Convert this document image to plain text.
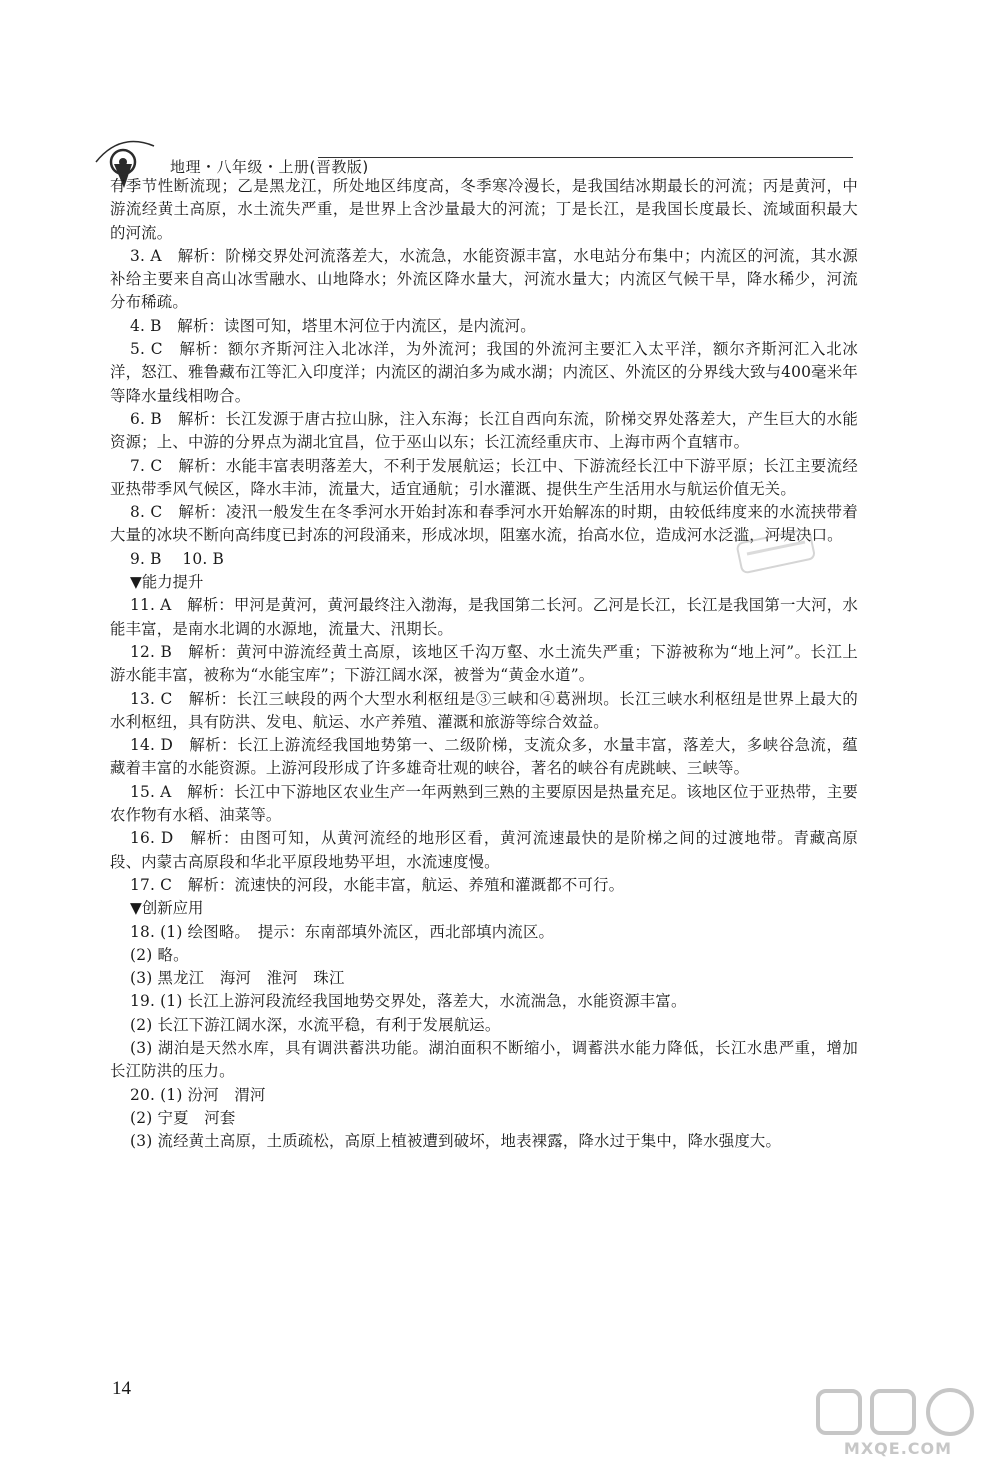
地理・八年级・上册(晋教版)

有季节性断流现；乙是黑龙江，所处地区纬度高，冬季寒冷漫长，是我国结冰期最长的河流；丙是黄河，中游流经黄土高原，水土流失严重，是世界上含沙量最大的河流；丁是长江，是我国长度最长、流域面积最大的河流。

3. A　解析：阶梯交界处河流落差大，水流急，水能资源丰富，水电站分布集中；内流区的河流，其水源补给主要来自高山冰雪融水、山地降水；外流区降水量大，河流水量大；内流区气候干旱，降水稀少，河流分布稀疏。

4. B　解析：读图可知，塔里木河位于内流区，是内流河。

5. C　解析：额尔齐斯河注入北冰洋，为外流河；我国的外流河主要汇入太平洋，额尔齐斯河汇入北冰洋，怒江、雅鲁藏布江等汇入印度洋；内流区的湖泊多为咸水湖；内流区、外流区的分界线大致与400毫米年等降水量线相吻合。

6. B　解析：长江发源于唐古拉山脉，注入东海；长江自西向东流，阶梯交界处落差大，产生巨大的水能资源；上、中游的分界点为湖北宜昌，位于巫山以东；长江流经重庆市、上海市两个直辖市。

7. C　解析：水能丰富表明落差大，不利于发展航运；长江中、下游流经长江中下游平原；长江主要流经亚热带季风气候区，降水丰沛，流量大，适宜通航；引水灌溉、提供生产生活用水与航运价值无关。

8. C　解析：凌汛一般发生在冬季河水开始封冻和春季河水开始解冻的时期，由较低纬度来的水流挟带着大量的冰块不断向高纬度已封冻的河段涌来，形成冰坝，阻塞水流，抬高水位，造成河水泛滥，河堤决口。

9. B　 10. B

▼能力提升

11. A　解析：甲河是黄河，黄河最终注入渤海，是我国第二长河。乙河是长江，长江是我国第一大河，水能丰富，是南水北调的水源地，流量大、汛期长。

12. B　解析：黄河中游流经黄土高原，该地区千沟万壑、水土流失严重；下游被称为“地上河”。长江上游水能丰富，被称为“水能宝库”；下游江阔水深，被誉为“黄金水道”。

13. C　解析：长江三峡段的两个大型水利枢纽是③三峡和④葛洲坝。长江三峡水利枢纽是世界上最大的水利枢纽，具有防洪、发电、航运、水产养殖、灌溉和旅游等综合效益。

14. D　解析：长江上游流经我国地势第一、二级阶梯，支流众多，水量丰富，落差大，多峡谷急流，蕴藏着丰富的水能资源。上游河段形成了许多雄奇壮观的峡谷，著名的峡谷有虎跳峡、三峡等。

15. A　解析：长江中下游地区农业生产一年两熟到三熟的主要原因是热量充足。该地区位于亚热带，主要农作物有水稻、油菜等。

16. D　解析：由图可知，从黄河流经的地形区看，黄河流速最快的是阶梯之间的过渡地带。青藏高原段、内蒙古高原段和华北平原段地势平坦，水流速度慢。

17. C　解析：流速快的河段，水能丰富，航运、养殖和灌溉都不可行。

▼创新应用

18. (1) 绘图略。　提示：东南部填外流区，西北部填内流区。

(2) 略。

(3) 黑龙江　海河　淮河　珠江

19. (1) 长江上游河段流经我国地势交界处，落差大，水流湍急，水能资源丰富。

(2) 长江下游江阔水深，水流平稳，有利于发展航运。

(3) 湖泊是天然水库，具有调洪蓄洪功能。湖泊面积不断缩小，调蓄洪水能力降低，长江水患严重，增加长江防洪的压力。

20. (1) 汾河　渭河

(2) 宁夏　河套

(3) 流经黄土高原，土质疏松，高原上植被遭到破坏，地表裸露，降水过于集中，降水强度大。

14
MXQE.COM
